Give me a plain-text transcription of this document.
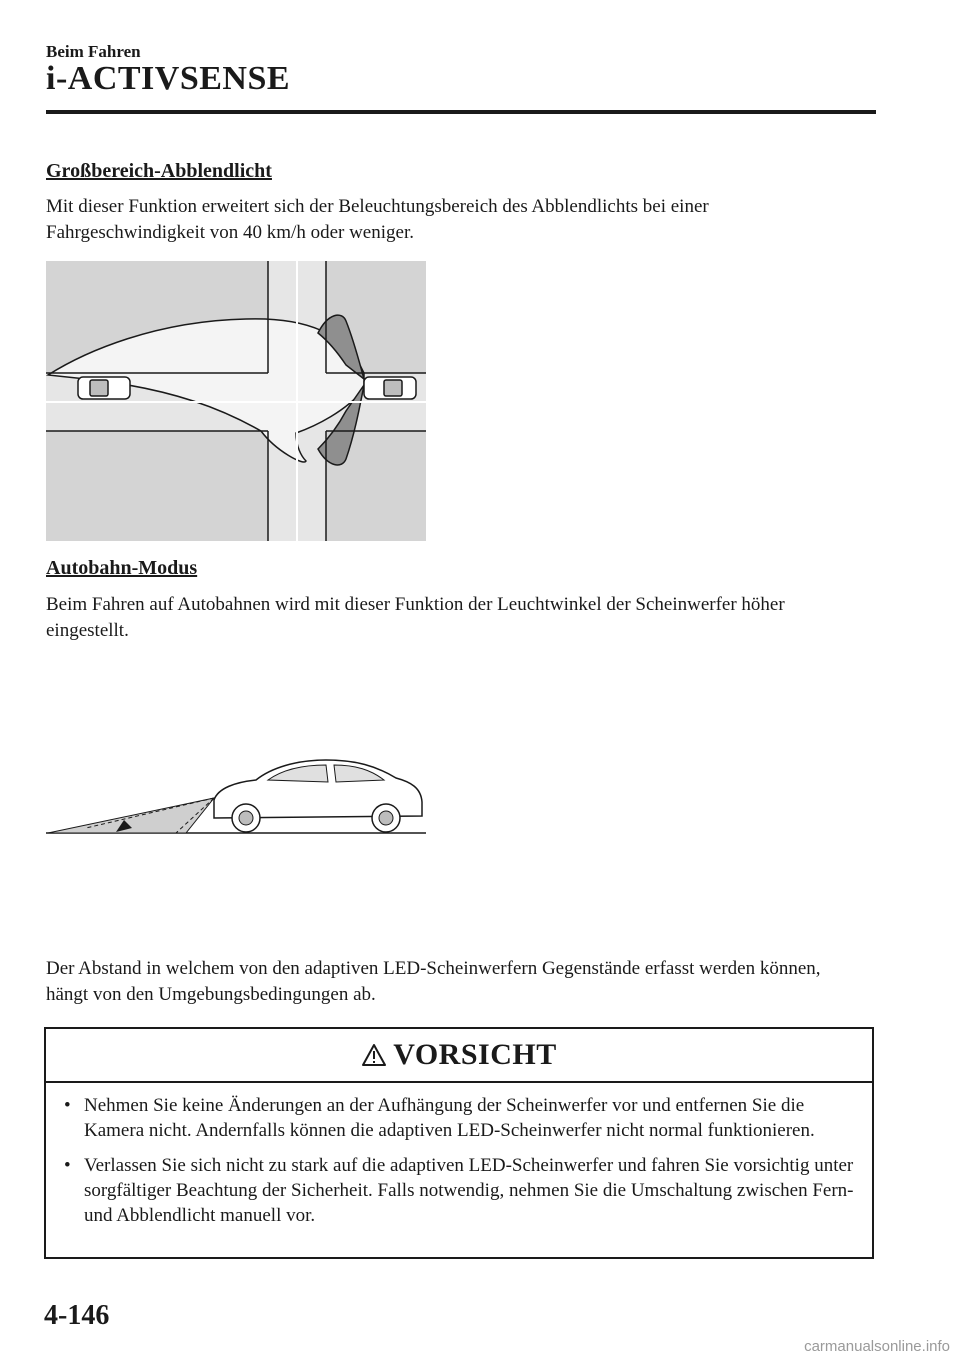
Beim Fahren
i-ACTIVSENSE
Großbereich-Abblendlicht

Mit dieser Funktion erweitert sich der Beleuchtungsbereich des Abblendlichts bei einer Fahrgeschwindigkeit von 40 km/h oder weniger.

Autobahn-Modus

Beim Fahren auf Autobahnen wird mit dieser Funktion der Leuchtwinkel der Scheinwerfer höher eingestellt.

Der Abstand in welchem von den adaptiven LED-Scheinwerfern Gegenstände erfasst werden können, hängt von den Umgebungsbedingungen ab.

VORSICHT
• Nehmen Sie keine Änderungen an der Aufhängung der Scheinwerfer vor und entfernen Sie die Kamera nicht. Andernfalls können die adaptiven LED-Scheinwerfer nicht normal funktionieren.
• Verlassen Sie sich nicht zu stark auf die adaptiven LED-Scheinwerfer und fahren Sie vorsichtig unter sorgfältiger Beachtung der Sicherheit. Falls notwendig, nehmen Sie die Umschaltung zwischen Fern- und Abblendlicht manuell vor.
4-146
carmanualsonline.info
